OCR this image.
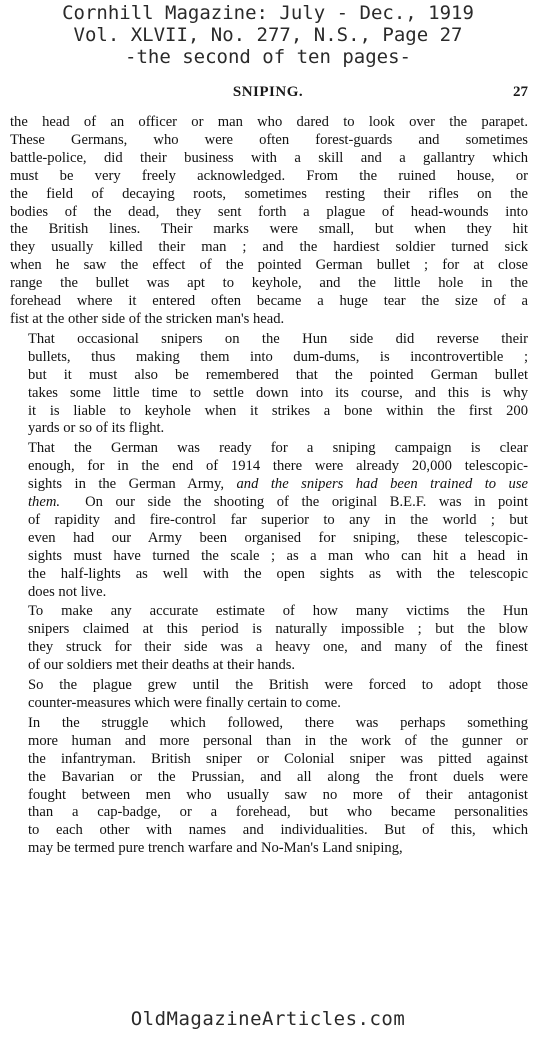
Cornhill Magazine: July - Dec., 1919
Vol. XLVII, No. 277, N.S., Page 27
-the second of ten pages-
SNIPING.	27

the head of an officer or man who dared to look over the parapet.
These Germans, who were often forest-guards and sometimes
battle-police, did their business with a skill and a gallantry which
must be very freely acknowledged. From the ruined house, or
the field of decaying roots, sometimes resting their rifles on the
bodies of the dead, they sent forth a plague of head-wounds into
the British lines. Their marks were small, but when they hit
they usually killed their man ; and the hardiest soldier turned sick
when he saw the effect of the pointed German bullet ; for at close
range the bullet was apt to keyhole, and the little hole in the
forehead where it entered often became a huge tear the size of a
fist at the other side of the stricken man's head.

That occasional snipers on the Hun side did reverse their
bullets, thus making them into dum-dums, is incontrovertible ;
but it must also be remembered that the pointed German bullet
takes some little time to settle down into its course, and this is why
it is liable to keyhole when it strikes a bone within the first 200
yards or so of its flight.

That the German was ready for a sniping campaign is clear
enough, for in the end of 1914 there were already 20,000 telescopic-
sights in the German Army, and the snipers had been trained to use
them. On our side the shooting of the original B.E.F. was in point
of rapidity and fire-control far superior to any in the world ; but
even had our Army been organised for sniping, these telescopic-
sights must have turned the scale ; as a man who can hit a head in
the half-lights as well with the open sights as with the telescopic
does not live.

To make any accurate estimate of how many victims the Hun
snipers claimed at this period is naturally impossible ; but the blow
they struck for their side was a heavy one, and many of the finest
of our soldiers met their deaths at their hands.

So the plague grew until the British were forced to adopt those
counter-measures which were finally certain to come.

In the struggle which followed, there was perhaps something
more human and more personal than in the work of the gunner or
the infantryman. British sniper or Colonial sniper was pitted against
the Bavarian or the Prussian, and all along the front duels were
fought between men who usually saw no more of their antagonist
than a cap-badge, or a forehead, but who became personalities
to each other with names and individualities. But of this, which
may be termed pure trench warfare and No-Man's Land sniping,

OldMagazineArticles.com
